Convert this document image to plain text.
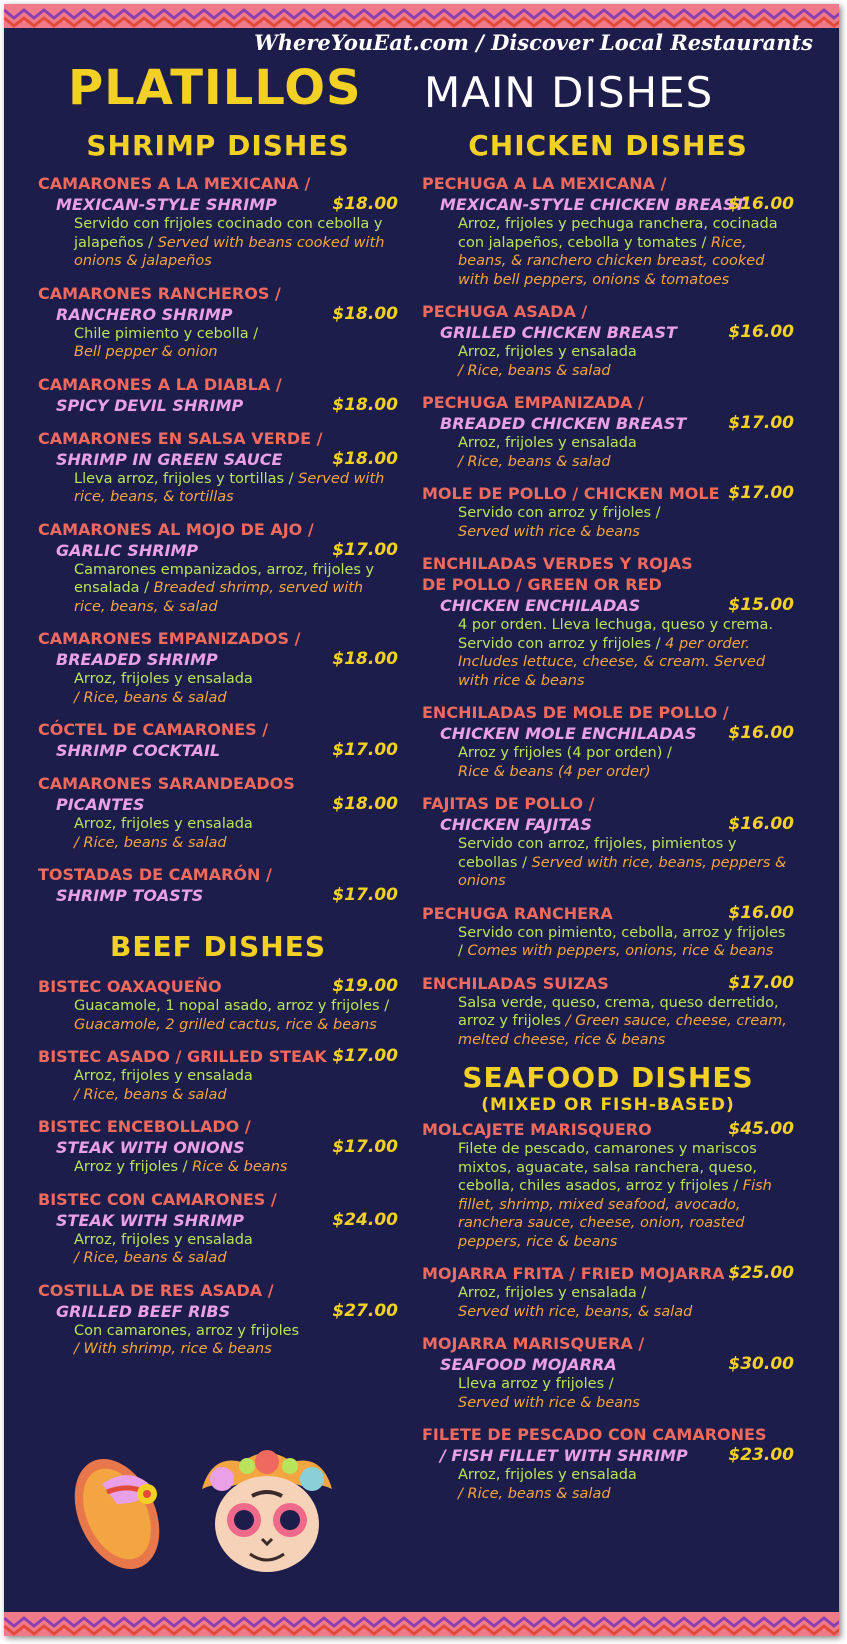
WhereYouEat.com / Discover Local Restaurants
PLATILLOS MAIN DISHES
SHRIMP DISHES
CAMARONES A LA MEXICANA /
MEXICAN-STYLE SHRIMP	$18.00
Servido con frijoles cocinado con cebolla y jalapeños / Served with beans cooked with onions & jalapeños
CAMARONES RANCHEROS /
RANCHERO SHRIMP	$18.00
Chile pimiento y cebolla /
Bell pepper & onion
CAMARONES A LA DIABLA /
SPICY DEVIL SHRIMP	$18.00
CAMARONES EN SALSA VERDE /
SHRIMP IN GREEN SAUCE	$18.00
Lleva arroz, frijoles y tortillas / Served with rice, beans, & tortillas
CAMARONES AL MOJO DE AJO /
GARLIC SHRIMP	$17.00
Camarones empanizados, arroz, frijoles y ensalada / Breaded shrimp, served with rice, beans, & salad
CAMARONES EMPANIZADOS /
BREADED SHRIMP	$18.00
Arroz, frijoles y ensalada
/ Rice, beans & salad
CÓCTEL DE CAMARONES /
SHRIMP COCKTAIL	$17.00
CAMARONES SARANDEADOS
PICANTES	$18.00
Arroz, frijoles y ensalada
/ Rice, beans & salad
TOSTADAS DE CAMARÓN /
SHRIMP TOASTS	$17.00
BEEF DISHES
BISTEC OAXAQUEÑO	$19.00
Guacamole, 1 nopal asado, arroz y frijoles / Guacamole, 2 grilled cactus, rice & beans
BISTEC ASADO / GRILLED STEAK $17.00
Arroz, frijoles y ensalada
/ Rice, beans & salad
BISTEC ENCEBOLLADO /
STEAK WITH ONIONS	$17.00
Arroz y frijoles / Rice & beans
BISTEC CON CAMARONES /
STEAK WITH SHRIMP	$24.00
Arroz, frijoles y ensalada
/ Rice, beans & salad
COSTILLA DE RES ASADA /
GRILLED BEEF RIBS	$27.00
Con camarones, arroz y frijoles
/ With shrimp, rice & beans
CHICKEN DISHES
PECHUGA A LA MEXICANA /
MEXICAN-STYLE CHICKEN BREAST
$16.00
Arroz, frijoles y pechuga ranchera, cocinada con jalapeños, cebolla y tomates / Rice, beans, & ranchero chicken breast, cooked with bell peppers, onions & tomatoes
PECHUGA ASADA /
GRILLED CHICKEN BREAST	$16.00
Arroz, frijoles y ensalada
/ Rice, beans & salad
PECHUGA EMPANIZADA /
BREADED CHICKEN BREAST	$17.00
Arroz, frijoles y ensalada
/ Rice, beans & salad
MOLE DE POLLO / CHICKEN MOLE $17.00
Servido con arroz y frijoles /
Served with rice & beans
ENCHILADAS VERDES Y ROJAS DE POLLO / GREEN OR RED
CHICKEN ENCHILADAS	$15.00
4 por orden. Lleva lechuga, queso y crema. Servido con arroz y frijoles / 4 per order. Includes lettuce, cheese, & cream. Served with rice & beans
ENCHILADAS DE MOLE DE POLLO /
CHICKEN MOLE ENCHILADAS	$16.00
Arroz y frijoles (4 por orden) /
Rice & beans (4 per order)
FAJITAS DE POLLO /
CHICKEN FAJITAS	$16.00
Servido con arroz, frijoles, pimientos y cebollas / Served with rice, beans, peppers & onions
PECHUGA RANCHERA	$16.00
Servido con pimiento, cebolla, arroz y frijoles / Comes with peppers, onions, rice & beans
ENCHILADAS SUIZAS	$17.00
Salsa verde, queso, crema, queso derretido, arroz y frijoles / Green sauce, cheese, cream, melted cheese, rice & beans
SEAFOOD DISHES
(MIXED OR FISH-BASED)
MOLCAJETE MARISQUERO	$45.00
Filete de pescado, camarones y mariscos mixtos, aguacate, salsa ranchera, queso, cebolla, chiles asados, arroz y frijoles / Fish fillet, shrimp, mixed seafood, avocado, ranchera sauce, cheese, onion, roasted peppers, rice & beans
MOJARRA FRITA / FRIED MOJARRA $25.00
Arroz, frijoles y ensalada /
Served with rice, beans, & salad
MOJARRA MARISQUERA /
SEAFOOD MOJARRA	$30.00
Lleva arroz y frijoles /
Served with rice & beans
FILETE DE PESCADO CON CAMARONES
/ FISH FILLET WITH SHRIMP	$23.00
Arroz, frijoles y ensalada
/ Rice, beans & salad
